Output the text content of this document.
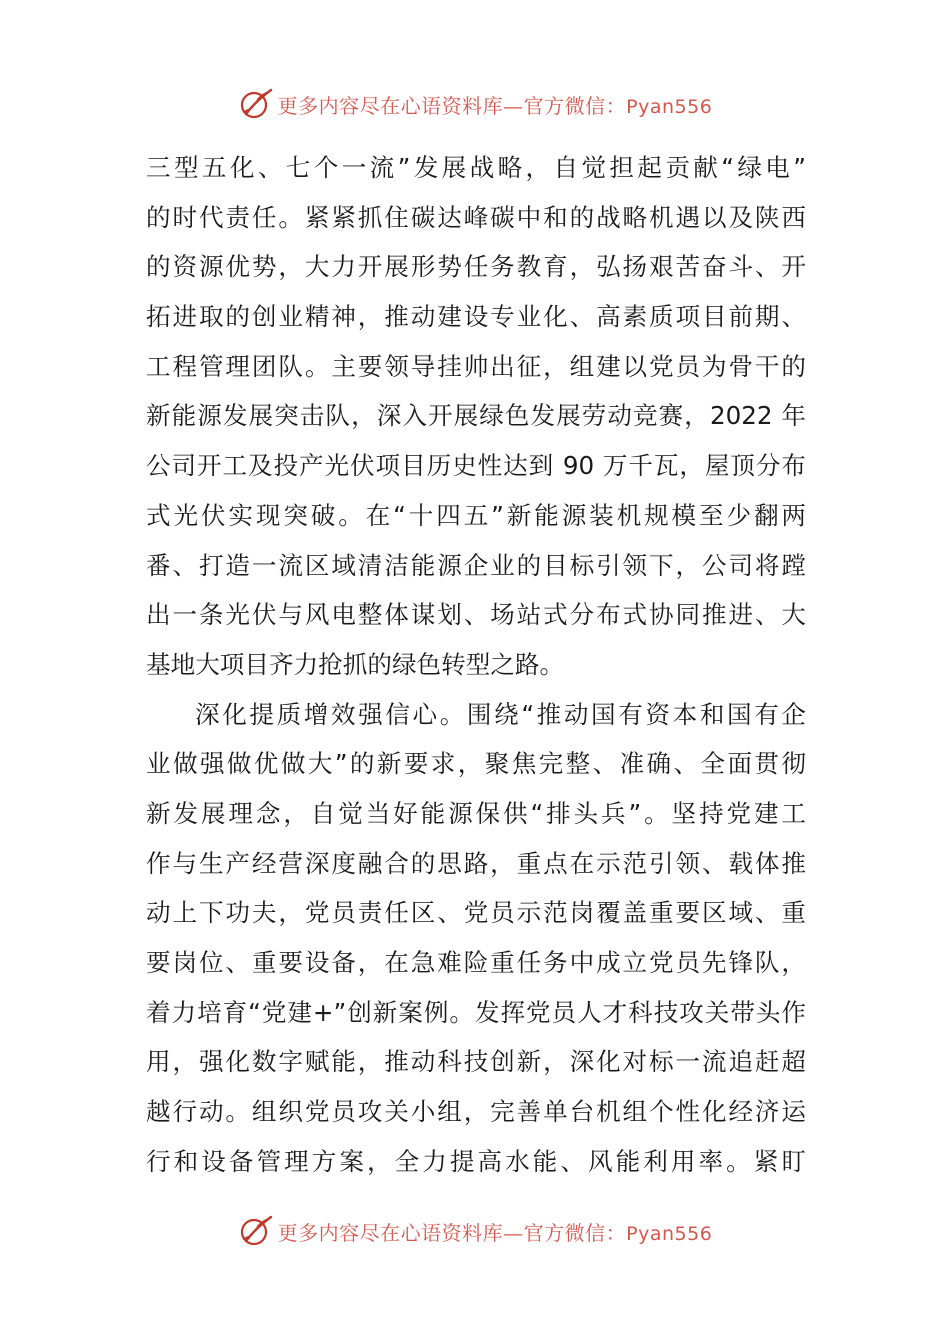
更多内容尽在心语资料库—官方微信：Pyan556
三型五化、七个一流”发展战略，自觉担起贡献“绿电”
的时代责任。紧紧抓住碳达峰碳中和的战略机遇以及陕西
的资源优势，大力开展形势任务教育，弘扬艰苦奋斗、开
拓进取的创业精神，推动建设专业化、高素质项目前期、
工程管理团队。主要领导挂帅出征，组建以党员为骨干的
新能源发展突击队，深入开展绿色发展劳动竞赛，2022 年
公司开工及投产光伏项目历史性达到 90 万千瓦，屋顶分布
式光伏实现突破。在“十四五”新能源装机规模至少翻两
番、打造一流区域清洁能源企业的目标引领下，公司将蹚
出一条光伏与风电整体谋划、场站式分布式协同推进、大
基地大项目齐力抢抓的绿色转型之路。
深化提质增效强信心。围绕“推动国有资本和国有企
业做强做优做大”的新要求，聚焦完整、准确、全面贯彻
新发展理念，自觉当好能源保供“排头兵”。坚持党建工
作与生产经营深度融合的思路，重点在示范引领、载体推
动上下功夫，党员责任区、党员示范岗覆盖重要区域、重
要岗位、重要设备，在急难险重任务中成立党员先锋队，
着力培育“党建+”创新案例。发挥党员人才科技攻关带头作
用，强化数字赋能，推动科技创新，深化对标一流追赶超
越行动。组织党员攻关小组，完善单台机组个性化经济运
行和设备管理方案，全力提高水能、风能利用率。紧盯
更多内容尽在心语资料库—官方微信：Pyan556
